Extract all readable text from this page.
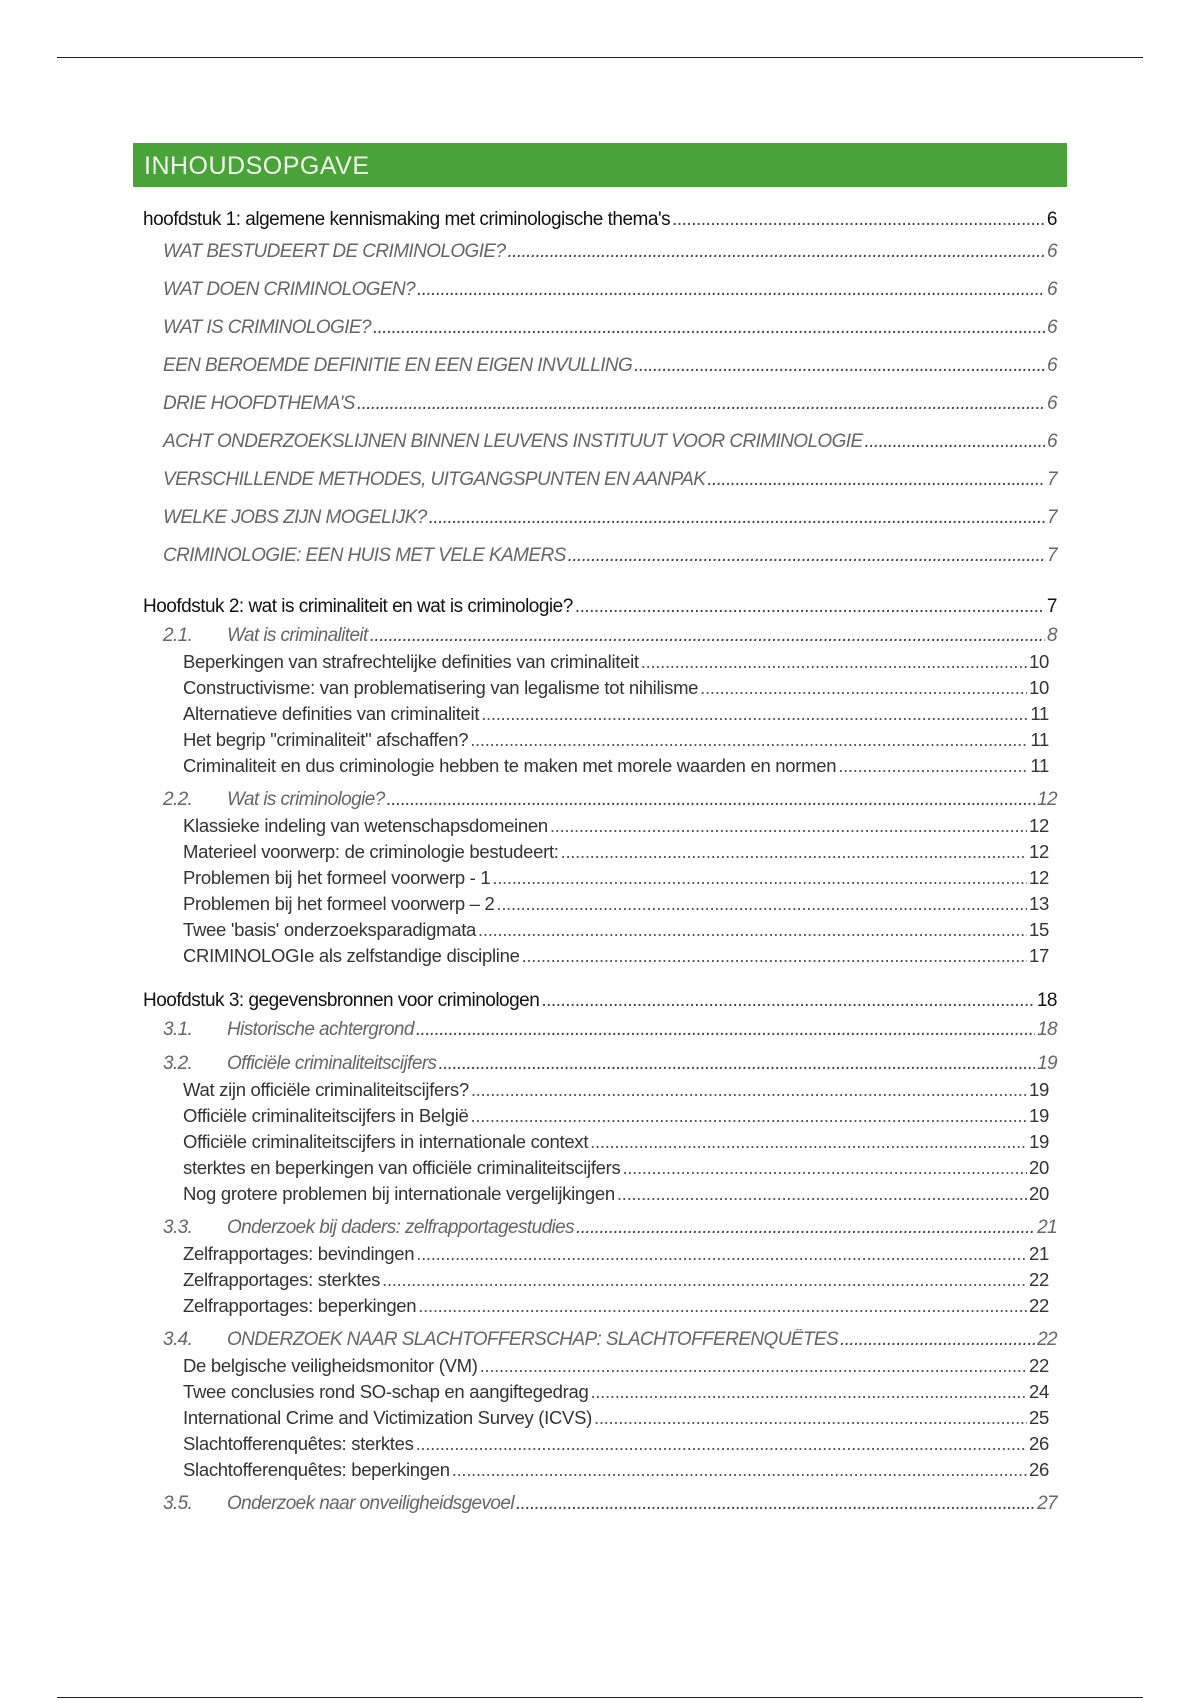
INHOUDSOPGAVE
hoofdstuk 1: algemene kennismaking met criminologische thema's .....	6
WAT BESTUDEERT DE CRIMINOLOGIE? .....	6
WAT DOEN CRIMINOLOGEN? .....	6
WAT IS CRIMINOLOGIE? .....	6
EEN BEROEMDE DEFINITIE EN EEN EIGEN INVULLING .....	6
DRIE HOOFDTHEMA'S .....	6
ACHT ONDERZOEKSLIJNEN BINNEN LEUVENS INSTITUUT VOOR CRIMINOLOGIE .....	6
VERSCHILLENDE METHODES, UITGANGSPUNTEN EN AANPAK .....	7
WELKE JOBS ZIJN MOGELIJK? .....	7
CRIMINOLOGIE: EEN HUIS MET VELE KAMERS .....	7
Hoofdstuk 2: wat is criminaliteit en wat is criminologie? .....	7
2.1.	Wat is criminaliteit .....	8
Beperkingen van strafrechtelijke definities van criminaliteit .....	10
Constructivisme: van problematisering van legalisme tot nihilisme .....	10
Alternatieve definities van criminaliteit .....	11
Het begrip "criminaliteit" afschaffen? .....	11
Criminaliteit en dus criminologie hebben te maken met morele waarden en normen .....	11
2.2.	Wat is criminologie? .....	12
Klassieke indeling van wetenschapsdomeinen .....	12
Materieel voorwerp: de criminologie bestudeert: .....	12
Problemen bij het formeel voorwerp - 1 .....	12
Problemen bij het formeel voorwerp – 2 .....	13
Twee 'basis' onderzoeksparadigmata .....	15
CRIMINOLOGIe als zelfstandige discipline .....	17
Hoofdstuk 3: gegevensbronnen voor criminologen .....	18
3.1.	Historische achtergrond .....	18
3.2.	Officiële criminaliteitscijfers .....	19
Wat zijn officiële criminaliteitscijfers? .....	19
Officiële criminaliteitscijfers in België .....	19
Officiële criminaliteitscijfers in internationale context .....	19
sterktes en beperkingen van officiële criminaliteitscijfers .....	20
Nog grotere problemen bij internationale vergelijkingen .....	20
3.3.	Onderzoek bij daders: zelfrapportagestudies .....	21
Zelfrapportages: bevindingen .....	21
Zelfrapportages: sterktes .....	22
Zelfrapportages: beperkingen .....	22
3.4.	ONDERZOEK NAAR SLACHTOFFERSCHAP: SLACHTOFFERENQUÊTES .....	22
De belgische veiligheidsmonitor (VM) .....	22
Twee conclusies rond SO-schap en aangiftegedrag .....	24
International Crime and Victimization Survey (ICVS) .....	25
Slachtofferenquêtes: sterktes .....	26
Slachtofferenquêtes: beperkingen .....	26
3.5.	Onderzoek naar onveiligheidsgevoel .....	27
